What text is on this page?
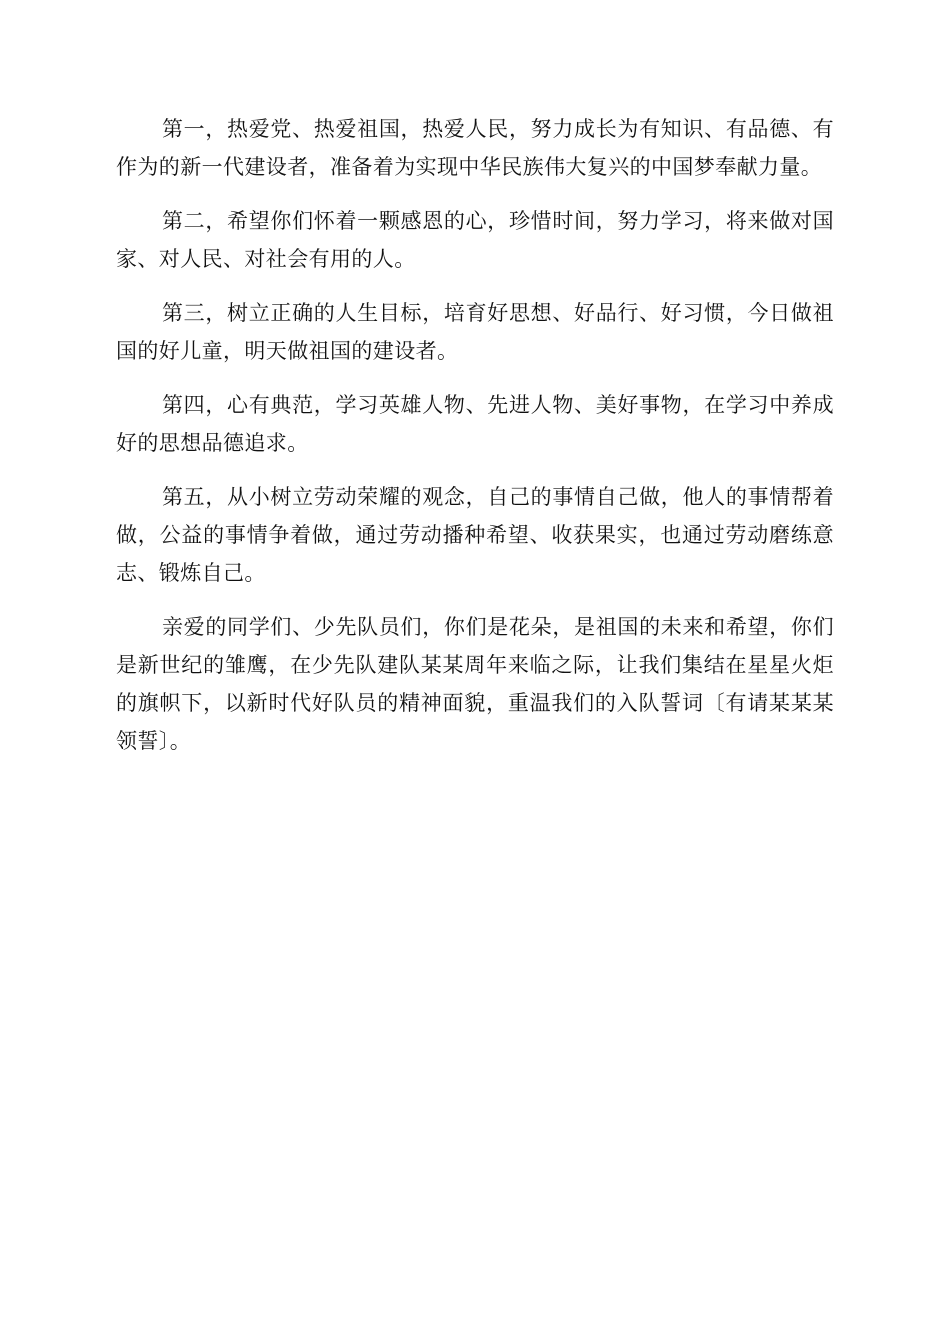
第一，热爱党、热爱祖国，热爱人民，努力成长为有知识、有品德、有作为的新一代建设者，准备着为实现中华民族伟大复兴的中国梦奉献力量。

第二，希望你们怀着一颗感恩的心，珍惜时间，努力学习，将来做对国家、对人民、对社会有用的人。

第三，树立正确的人生目标，培育好思想、好品行、好习惯，今日做祖国的好儿童，明天做祖国的建设者。

第四，心有典范，学习英雄人物、先进人物、美好事物，在学习中养成好的思想品德追求。

第五，从小树立劳动荣耀的观念，自己的事情自己做，他人的事情帮着做，公益的事情争着做，通过劳动播种希望、收获果实，也通过劳动磨练意志、锻炼自己。

亲爱的同学们、少先队员们，你们是花朵，是祖国的未来和希望，你们是新世纪的雏鹰，在少先队建队某某周年来临之际，让我们集结在星星火炬的旗帜下，以新时代好队员的精神面貌，重温我们的入队誓词〔有请某某某领誓〕。
